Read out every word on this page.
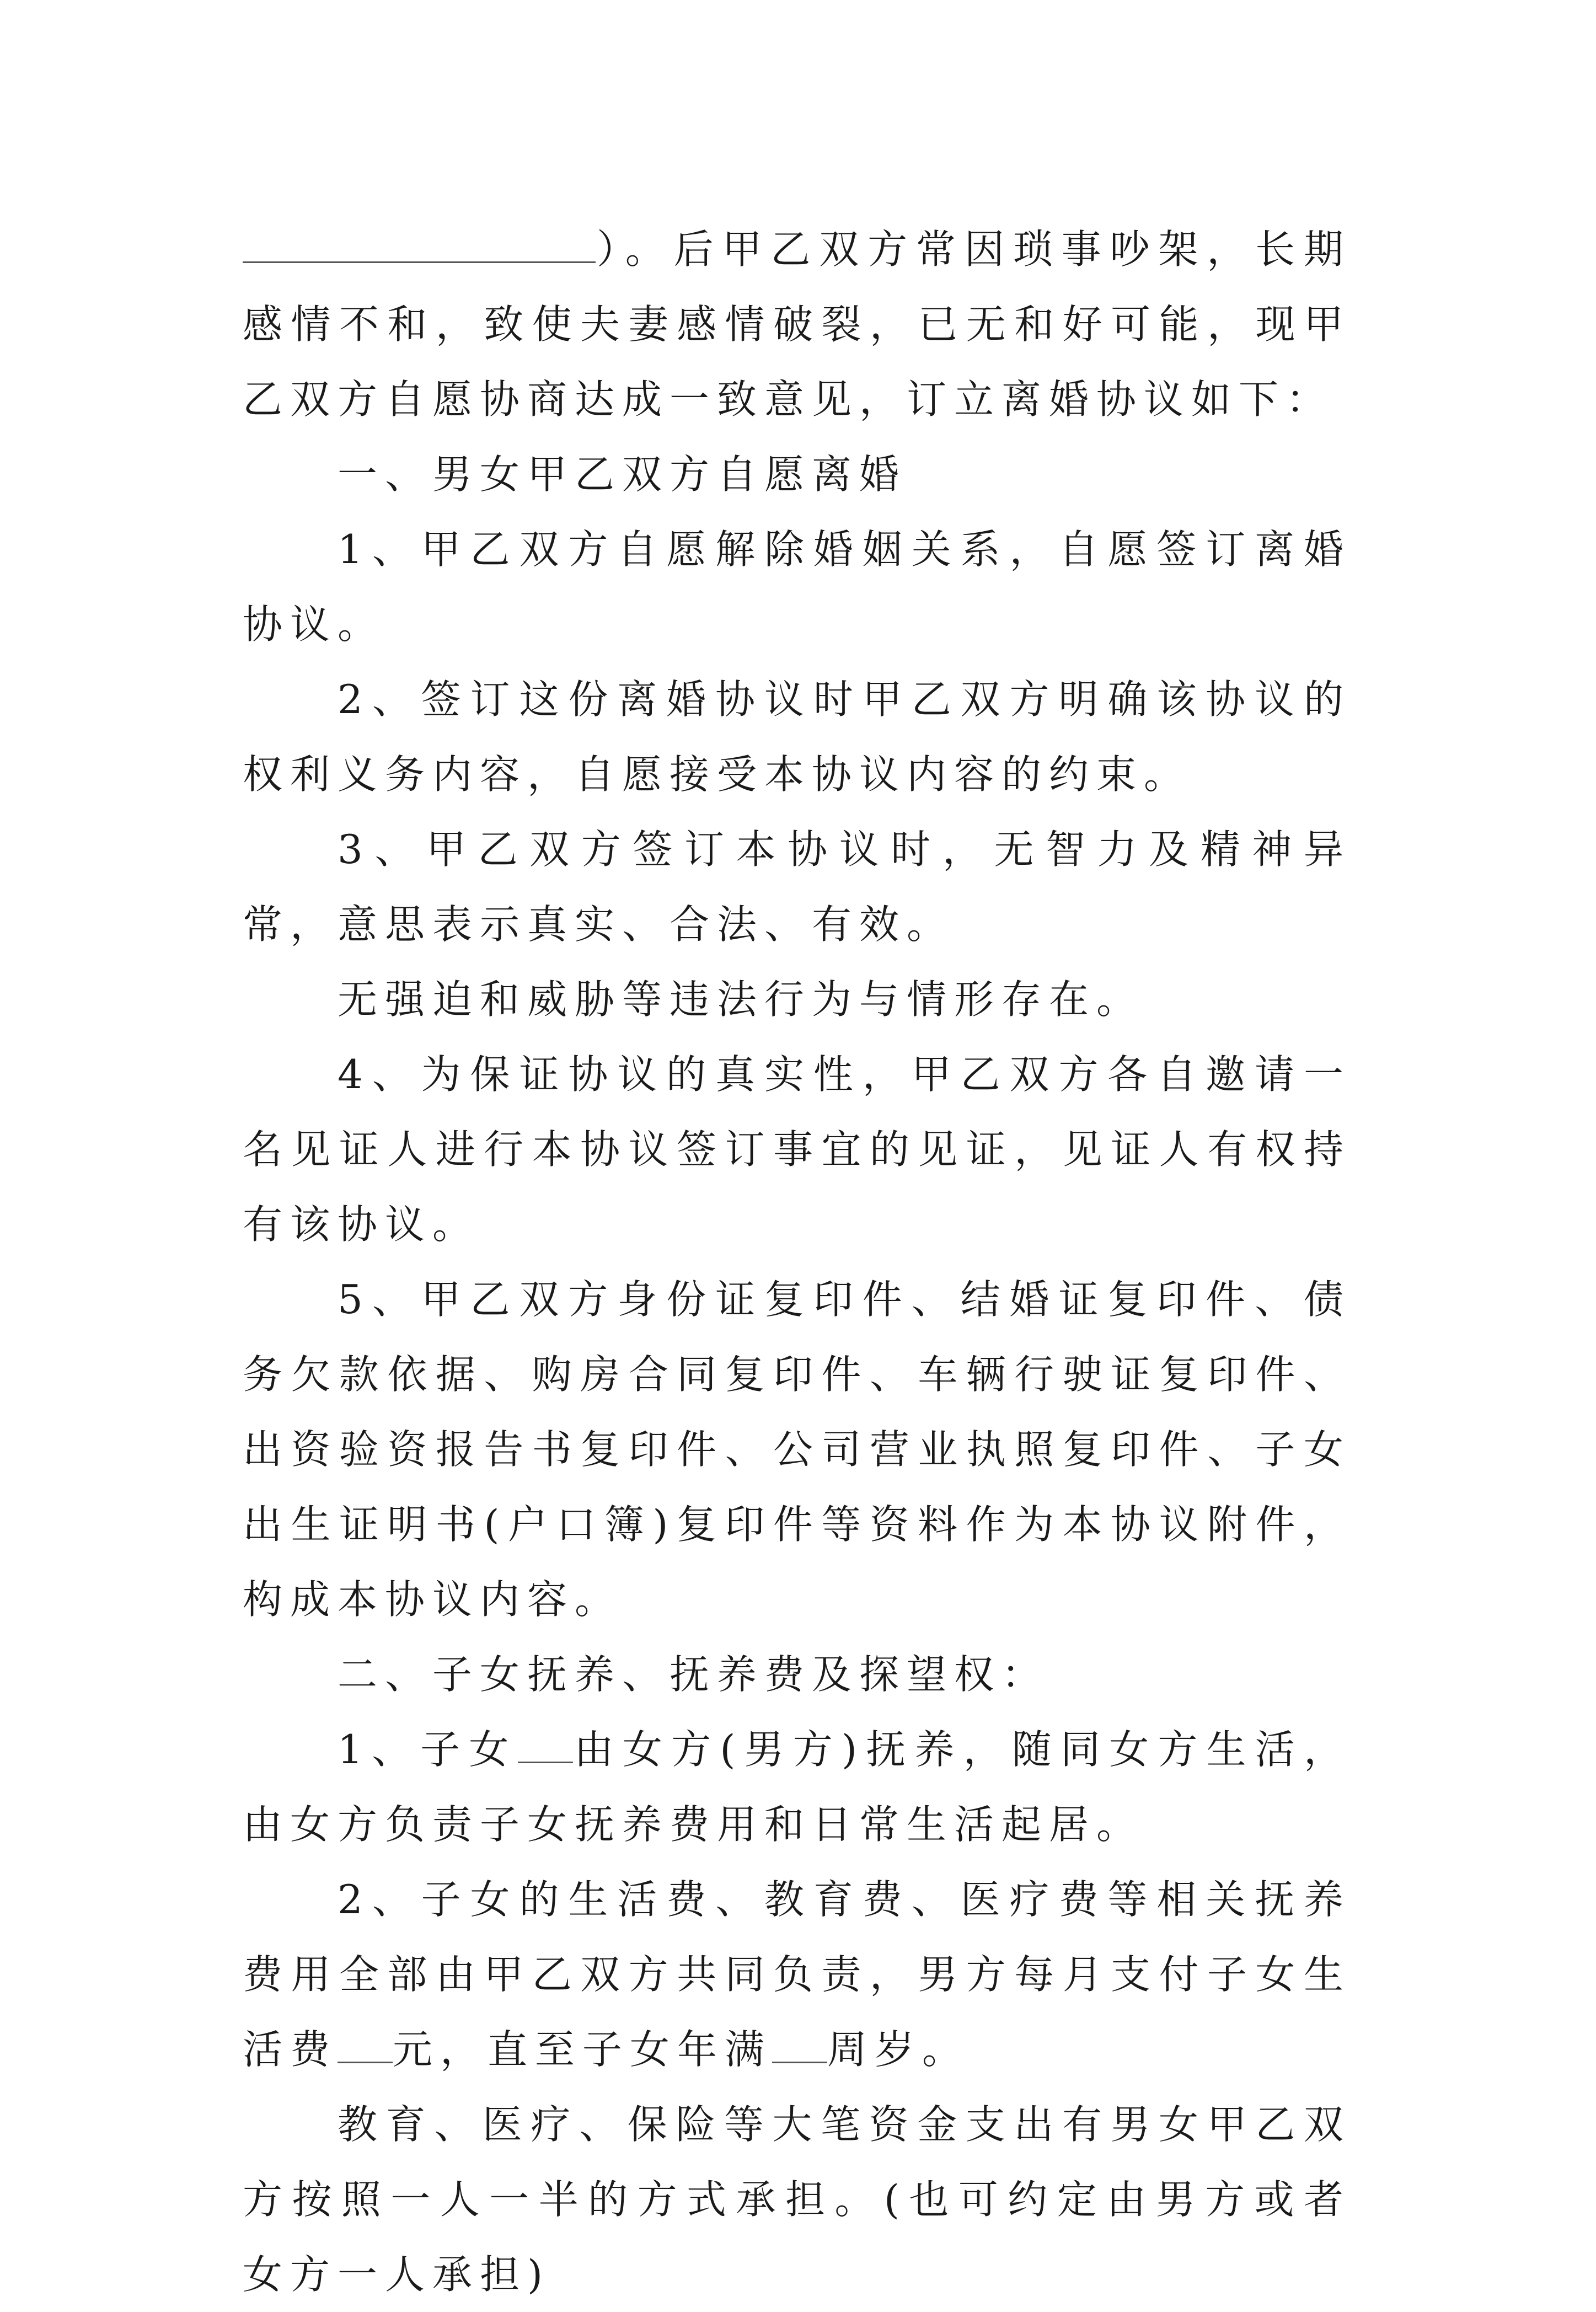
）。后甲乙双方常因琐事吵架，长期感情不和，致使夫妻感情破裂，已无和好可能，现甲乙双方自愿协商达成一致意见，订立离婚协议如下：

一、男女甲乙双方自愿离婚

1、甲乙双方自愿解除婚姻关系，自愿签订离婚协议。

2、签订这份离婚协议时甲乙双方明确该协议的权利义务内容，自愿接受本协议内容的约束。

3、甲乙双方签订本协议时，无智力及精神异常，意思表示真实、合法、有效。

无强迫和威胁等违法行为与情形存在。

4、为保证协议的真实性，甲乙双方各自邀请一名见证人进行本协议签订事宜的见证，见证人有权持有该协议。

5、甲乙双方身份证复印件、结婚证复印件、债务欠款依据、购房合同复印件、车辆行驶证复印件、出资验资报告书复印件、公司营业执照复印件、子女出生证明书(户口簿)复印件等资料作为本协议附件，构成本协议内容。

二、子女抚养、抚养费及探望权：

1、子女 由女方(男方)抚养，随同女方生活，由女方负责子女抚养费用和日常生活起居。

2、子女的生活费、教育费、医疗费等相关抚养费用全部由甲乙双方共同负责，男方每月支付子女生活费 元，直至子女年满 周岁。

教育、医疗、保险等大笔资金支出有男女甲乙双方按照一人一半的方式承担。(也可约定由男方或者女方一人承担)
